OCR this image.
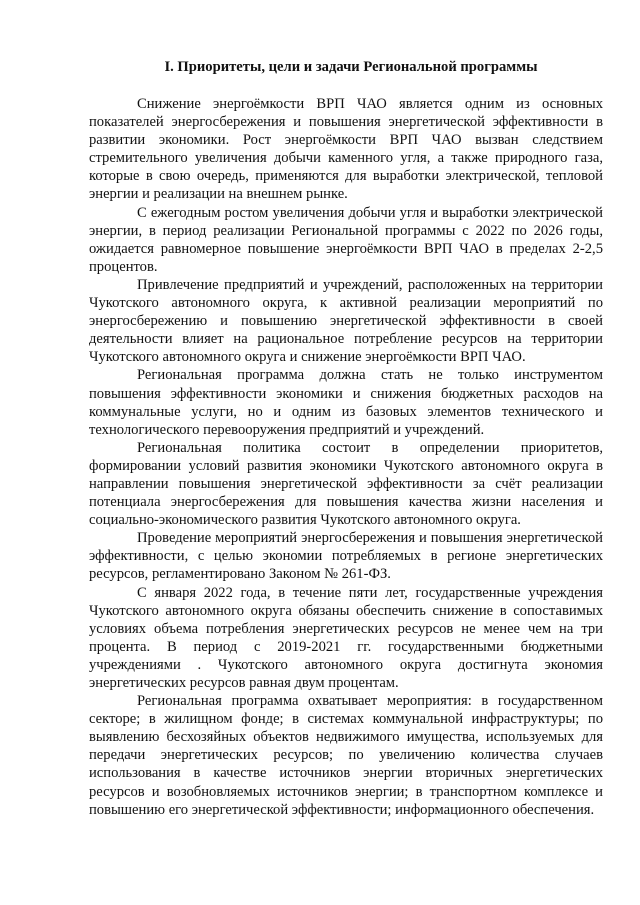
I. Приоритеты, цели и задачи Региональной программы

Снижение энергоёмкости ВРП ЧАО является одним из основных показателей энергосбережения и повышения энергетической эффективности в развитии экономики. Рост энергоёмкости ВРП ЧАО вызван следствием стремительного увеличения добычи каменного угля, а также природного газа, которые в свою очередь, применяются для выработки электрической, тепловой энергии и реализации на внешнем рынке.

С ежегодным ростом увеличения добычи угля и выработки электрической энергии, в период реализации Региональной программы с 2022 по 2026 годы, ожидается равномерное повышение энергоёмкости ВРП ЧАО в пределах 2-2,5 процентов.

Привлечение предприятий и учреждений, расположенных на территории Чукотского автономного округа, к активной реализации мероприятий по энергосбережению и повышению энергетической эффективности в своей деятельности влияет на рациональное потребление ресурсов на территории Чукотского автономного округа и снижение энергоёмкости ВРП ЧАО.

Региональная программа должна стать не только инструментом повышения эффективности экономики и снижения бюджетных расходов на коммунальные услуги, но и одним из базовых элементов технического и технологического перевооружения предприятий и учреждений.

Региональная политика состоит в определении приоритетов, формировании условий развития экономики Чукотского автономного округа в направлении повышения энергетической эффективности за счёт реализации потенциала энергосбережения для повышения качества жизни населения и социально-экономического развития Чукотского автономного округа.

Проведение мероприятий энергосбережения и повышения энергетической эффективности, с целью экономии потребляемых в регионе энергетических ресурсов, регламентировано Законом № 261-ФЗ.

С января 2022 года, в течение пяти лет, государственные учреждения Чукотского автономного округа обязаны обеспечить снижение в сопоставимых условиях объема потребления энергетических ресурсов не менее чем на три процента. В период с 2019-2021 гг. государственными бюджетными учреждениями . Чукотского автономного округа достигнута экономия энергетических ресурсов равная двум процентам.

Региональная программа охватывает мероприятия: в государственном секторе; в жилищном фонде; в системах коммунальной инфраструктуры; по выявлению бесхозяйных объектов недвижимого имущества, используемых для передачи энергетических ресурсов; по увеличению количества случаев использования в качестве источников энергии вторичных энергетических ресурсов и возобновляемых источников энергии; в транспортном комплексе и повышению его энергетической эффективности; информационного обеспечения.
